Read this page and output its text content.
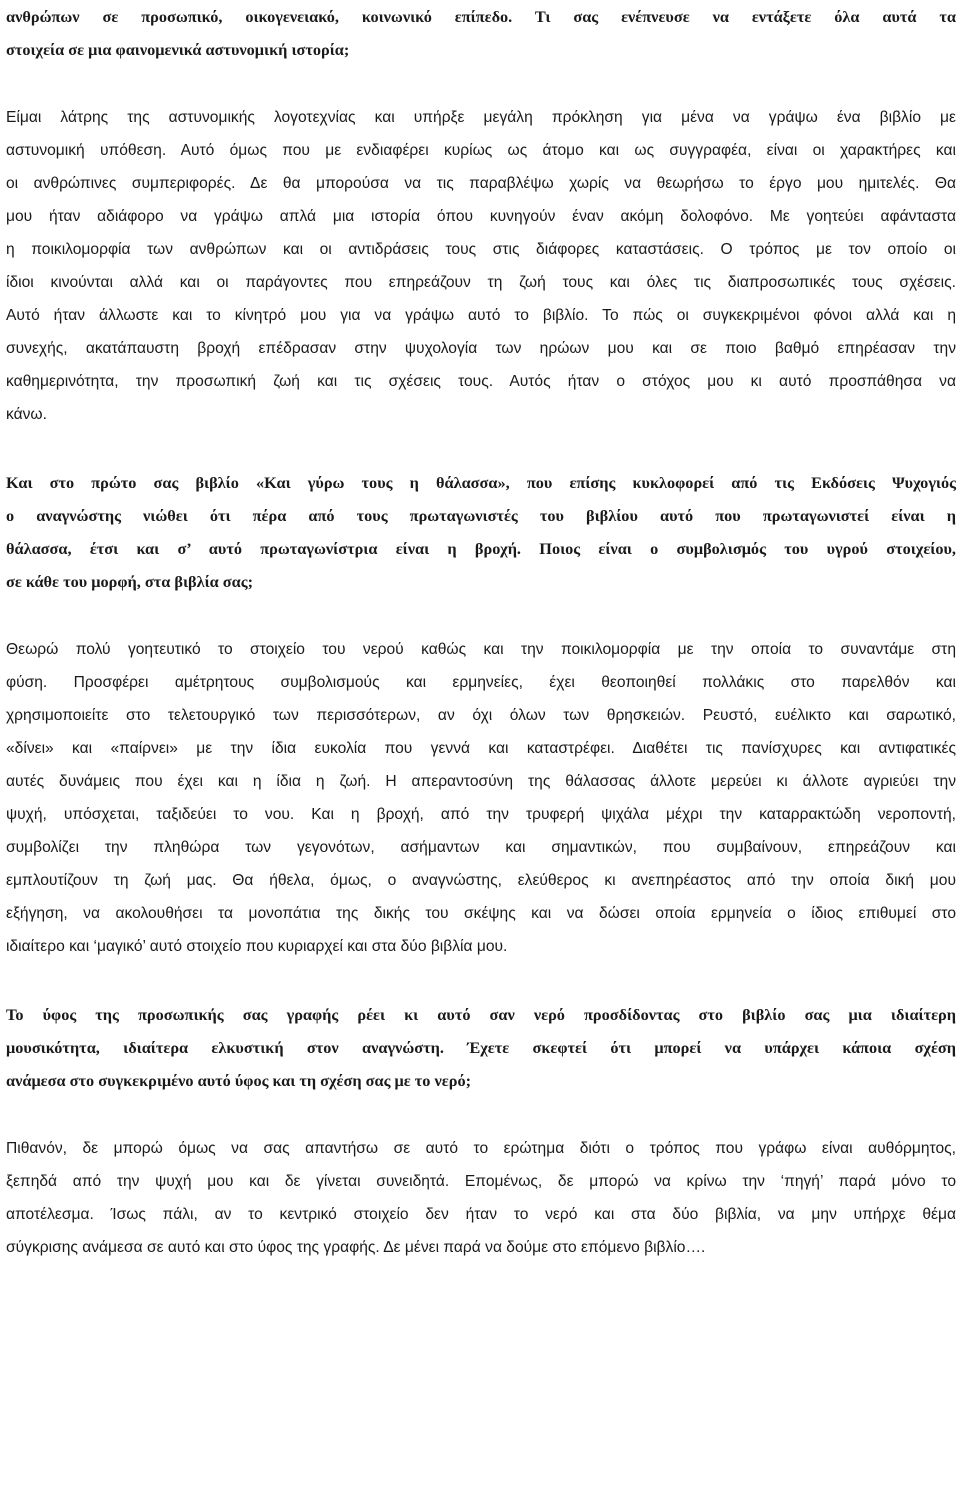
ανθρώπων σε προσωπικό, οικογενειακό, κοινωνικό επίπεδο. Τι σας ενέπνευσε να εντάξετε όλα αυτά τα
στοιχεία σε μια φαινομενικά αστυνομική ιστορία;
Είμαι λάτρης της αστυνομικής λογοτεχνίας και υπήρξε μεγάλη πρόκληση για μένα να γράψω ένα βιβλίο με
αστυνομική υπόθεση. Αυτό όμως που με ενδιαφέρει κυρίως ως άτομο και ως συγγραφέα, είναι οι χαρακτήρες και
οι ανθρώπινες συμπεριφορές. Δε θα μπορούσα να τις παραβλέψω χωρίς να θεωρήσω το έργο μου ημιτελές. Θα
μου ήταν αδιάφορο να γράψω απλά μια ιστορία όπου κυνηγούν έναν ακόμη δολοφόνο. Με γοητεύει αφάνταστα
η ποικιλομορφία των ανθρώπων και οι αντιδράσεις τους στις διάφορες καταστάσεις. Ο τρόπος με τον οποίο οι
ίδιοι κινούνται αλλά και οι παράγοντες που επηρεάζουν τη ζωή τους και όλες τις διαπροσωπικές τους σχέσεις.
Αυτό ήταν άλλωστε και το κίνητρό μου για να γράψω αυτό το βιβλίο. Το πώς οι συγκεκριμένοι φόνοι αλλά και η
συνεχής, ακατάπαυστη βροχή επέδρασαν στην ψυχολογία των ηρώων μου και σε ποιο βαθμό επηρέασαν την
καθημερινότητα, την προσωπική ζωή και τις σχέσεις τους. Αυτός ήταν ο στόχος μου κι αυτό προσπάθησα να
κάνω.
Και στο πρώτο σας βιβλίο «Και γύρω τους η θάλασσα», που επίσης κυκλοφορεί από τις Εκδόσεις Ψυχογιός
ο αναγνώστης νιώθει ότι πέρα από τους πρωταγωνιστές του βιβλίου αυτό που πρωταγωνιστεί είναι η
θάλασσα, έτσι και σ’ αυτό πρωταγωνίστρια είναι η βροχή. Ποιος είναι ο συμβολισμός του υγρού στοιχείου,
σε κάθε του μορφή, στα βιβλία σας;
Θεωρώ πολύ γοητευτικό το στοιχείο του νερού καθώς και την ποικιλομορφία με την οποία το συναντάμε στη
φύση. Προσφέρει αμέτρητους συμβολισμούς και ερμηνείες, έχει θεοποιηθεί πολλάκις στο παρελθόν και
χρησιμοποιείτε στο τελετουργικό των περισσότερων, αν όχι όλων των θρησκειών. Ρευστό, ευέλικτο και σαρωτικό,
«δίνει» και «παίρνει» με την ίδια ευκολία που γεννά και καταστρέφει. Διαθέτει τις πανίσχυρες και αντιφατικές
αυτές δυνάμεις που έχει και η ίδια η ζωή. Η απεραντοσύνη της θάλασσας άλλοτε μερεύει κι άλλοτε αγριεύει την
ψυχή, υπόσχεται, ταξιδεύει το νου. Και η βροχή, από την τρυφερή ψιχάλα μέχρι την καταρρακτώδη νεροποντή,
συμβολίζει την πληθώρα των γεγονότων, ασήμαντων και σημαντικών, που συμβαίνουν, επηρεάζουν και
εμπλουτίζουν τη ζωή μας. Θα ήθελα, όμως, ο αναγνώστης, ελεύθερος κι ανεπηρέαστος από την οποία δική μου
εξήγηση, να ακολουθήσει τα μονοπάτια της δικής του σκέψης και να δώσει οποία ερμηνεία ο ίδιος επιθυμεί στο
ιδιαίτερο και ‘μαγικό’ αυτό στοιχείο που κυριαρχεί και στα δύο βιβλία μου.
Το ύφος της προσωπικής σας γραφής ρέει κι αυτό σαν νερό προσδίδοντας στο βιβλίο σας μια ιδιαίτερη
μουσικότητα, ιδιαίτερα ελκυστική στον αναγνώστη. Έχετε σκεφτεί ότι μπορεί να υπάρχει κάποια σχέση
ανάμεσα στο συγκεκριμένο αυτό ύφος και τη σχέση σας με το νερό;
Πιθανόν, δε μπορώ όμως να σας απαντήσω σε αυτό το ερώτημα διότι ο τρόπος που γράφω είναι αυθόρμητος,
ξεπηδά από την ψυχή μου και δε γίνεται συνειδητά. Επομένως, δε μπορώ να κρίνω την ‘πηγή’ παρά μόνο το
αποτέλεσμα. Ίσως πάλι, αν το κεντρικό στοιχείο δεν ήταν το νερό και στα δύο βιβλία, να μην υπήρχε θέμα
σύγκρισης ανάμεσα σε αυτό και στο ύφος της γραφής. Δε μένει παρά να δούμε στο επόμενο βιβλίο….
